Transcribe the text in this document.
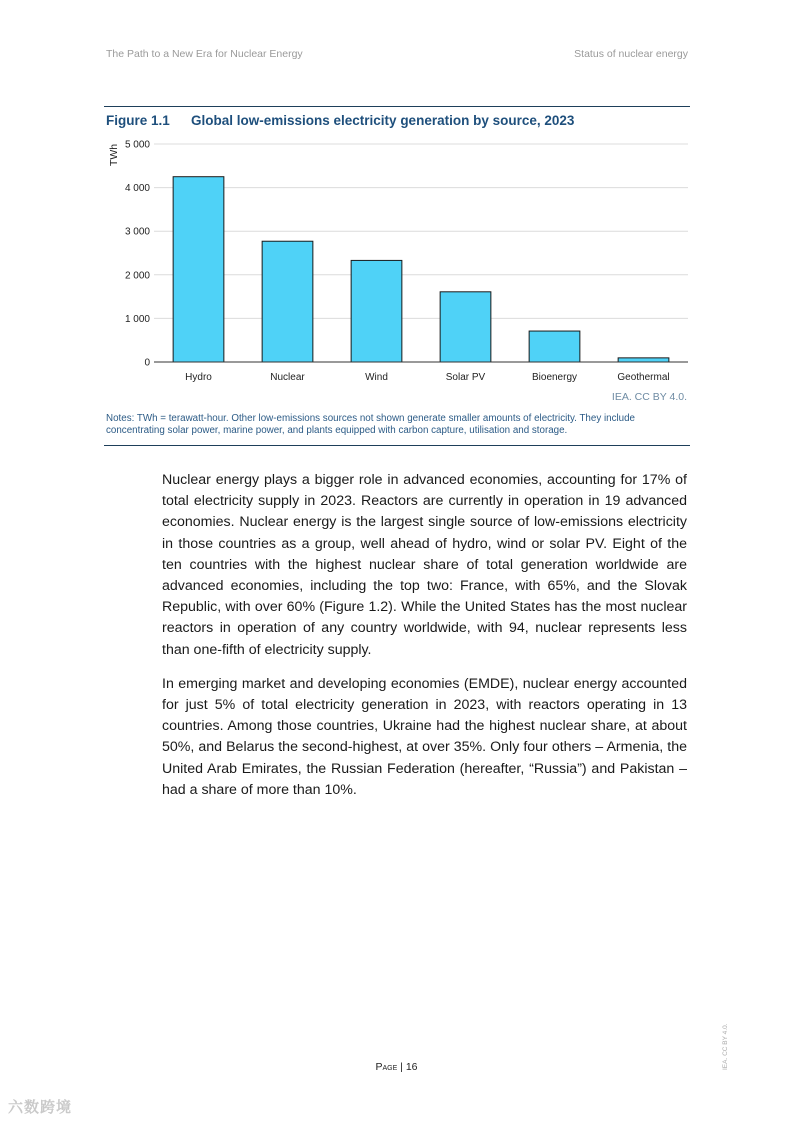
The Path to a New Era for Nuclear Energy	Status of nuclear energy
Figure 1.1 Global low-emissions electricity generation by source, 2023
0
1 000
2 000
3 000
4 000
5 000
TWh
Hydro	Nuclear	Wind	Solar PV	Bioenergy	Geothermal
IEA. CC BY 4.0.
Notes: TWh = terawatt-hour. Other low-emissions sources not shown generate smaller amounts of electricity. They include concentrating solar power, marine power, and plants equipped with carbon capture, utilisation and storage.

Nuclear energy plays a bigger role in advanced economies, accounting for 17% of total electricity supply in 2023. Reactors are currently in operation in 19 advanced economies. Nuclear energy is the largest single source of low-emissions electricity in those countries as a group, well ahead of hydro, wind or solar PV. Eight of the ten countries with the highest nuclear share of total generation worldwide are advanced economies, including the top two: France, with 65%, and the Slovak Republic, with over 60% (Figure 1.2). While the United States has the most nuclear reactors in operation of any country worldwide, with 94, nuclear represents less than one-fifth of electricity supply.

In emerging market and developing economies (EMDE), nuclear energy accounted for just 5% of total electricity generation in 2023, with reactors operating in 13 countries. Among those countries, Ukraine had the highest nuclear share, at about 50%, and Belarus the second-highest, at over 35%. Only four others – Armenia, the United Arab Emirates, the Russian Federation (hereafter, “Russia”) and Pakistan – had a share of more than 10%.

Page | 16	IEA. CC BY 4.0.
六数跨境
